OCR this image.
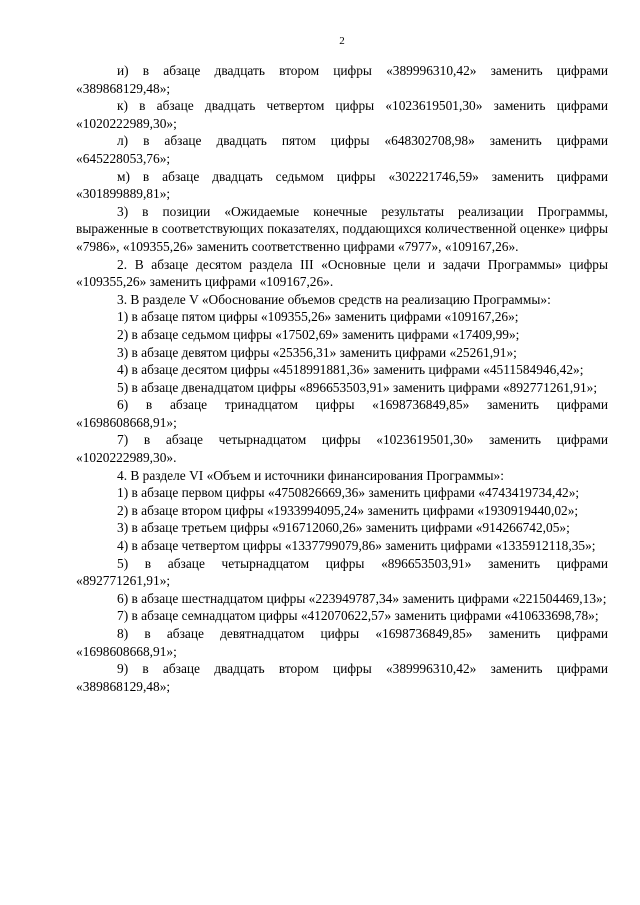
2

и) в абзаце двадцать втором цифры «389996310,42» заменить цифрами «389868129,48»;

к) в абзаце двадцать четвертом цифры «1023619501,30» заменить цифрами «1020222989,30»;

л) в абзаце двадцать пятом цифры «648302708,98» заменить цифрами «645228053,76»;

м) в абзаце двадцать седьмом цифры «302221746,59» заменить цифрами «301899889,81»;

3) в позиции «Ожидаемые конечные результаты реализации Программы, выраженные в соответствующих показателях, поддающихся количественной оценке» цифры «7986», «109355,26» заменить соответственно цифрами «7977», «109167,26».

2. В абзаце десятом раздела III «Основные цели и задачи Программы» цифры «109355,26» заменить цифрами «109167,26».

3. В разделе V «Обоснование объемов средств на реализацию Программы»:

1) в абзаце пятом цифры «109355,26» заменить цифрами «109167,26»;

2) в абзаце седьмом цифры «17502,69» заменить цифрами «17409,99»;

3) в абзаце девятом цифры «25356,31» заменить цифрами «25261,91»;

4) в абзаце десятом цифры «4518991881,36» заменить цифрами «4511584946,42»;

5) в абзаце двенадцатом цифры «896653503,91» заменить цифрами «892771261,91»;

6) в абзаце тринадцатом цифры «1698736849,85» заменить цифрами «1698608668,91»;

7) в абзаце четырнадцатом цифры «1023619501,30» заменить цифрами «1020222989,30».

4. В разделе VI «Объем и источники финансирования Программы»:

1) в абзаце первом цифры «4750826669,36» заменить цифрами «4743419734,42»;

2) в абзаце втором цифры «1933994095,24» заменить цифрами «1930919440,02»;

3) в абзаце третьем цифры «916712060,26» заменить цифрами «914266742,05»;

4) в абзаце четвертом цифры «1337799079,86» заменить цифрами «1335912118,35»;

5) в абзаце четырнадцатом цифры «896653503,91» заменить цифрами «892771261,91»;

6) в абзаце шестнадцатом цифры «223949787,34» заменить цифрами «221504469,13»;

7) в абзаце семнадцатом цифры «412070622,57» заменить цифрами «410633698,78»;

8) в абзаце девятнадцатом цифры «1698736849,85» заменить цифрами «1698608668,91»;

9) в абзаце двадцать втором цифры «389996310,42» заменить цифрами «389868129,48»;
